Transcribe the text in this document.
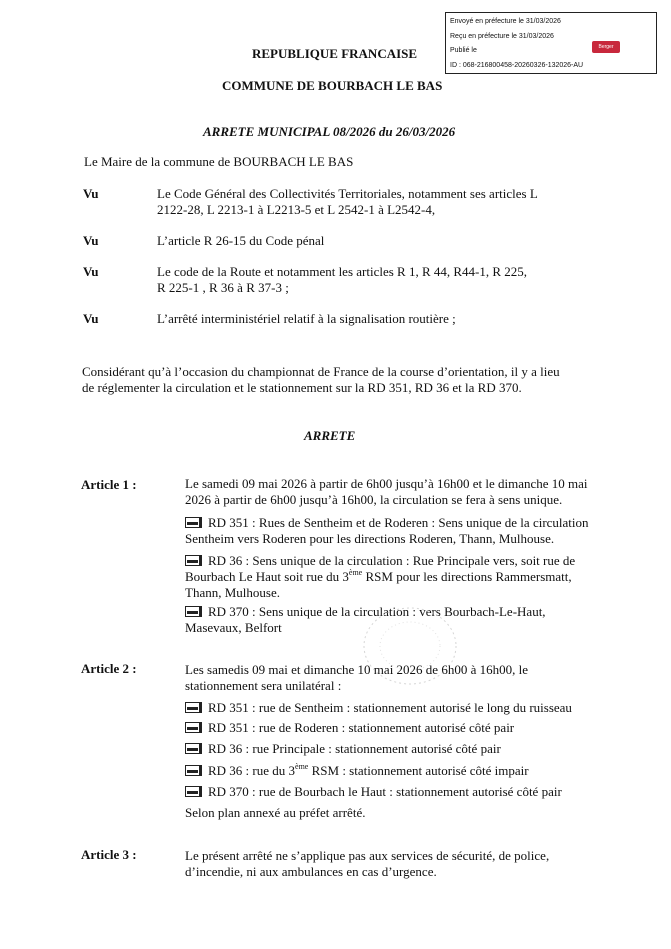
Envoyé en préfecture le 31/03/2026
Reçu en préfecture le 31/03/2026
Publié le
ID : 068-216800458-20260326-132026-AU
Berger Levrault
REPUBLIQUE FRANCAISE
COMMUNE DE BOURBACH LE BAS
ARRETE MUNICIPAL 08/2026 du 26/03/2026
Le Maire de la commune de BOURBACH LE BAS
Vu	Le Code Général des Collectivités Territoriales, notamment ses articles L
2122-28, L 2213-1 à L2213-5 et L 2542-1 à L2542-4,
Vu	L’article R 26-15 du Code pénal
Vu	Le code de la Route et notamment les articles R 1, R 44, R44-1, R 225,
R 225-1 , R 36 à R 37-3 ;
Vu	L’arrêté interministériel relatif à la signalisation routière ;
Considérant qu’à l’occasion du championnat de France de la course d’orientation, il y a lieu
de réglementer la circulation et le stationnement sur la RD 351, RD 36 et la RD 370.
ARRETE
Article 1 :	Le samedi 09 mai 2026 à partir de 6h00 jusqu’à 16h00 et le dimanche 10 mai
2026 à partir de 6h00 jusqu’à 16h00, la circulation se fera à sens unique.
RD 351 : Rues de Sentheim et de Roderen : Sens unique de la circulation
Sentheim vers Roderen pour les directions Roderen, Thann, Mulhouse.
RD 36 : Sens unique de la circulation : Rue Principale vers, soit rue de
Bourbach Le Haut soit rue du 3ème RSM pour les directions Rammersmatt,
Thann, Mulhouse.
RD 370 : Sens unique de la circulation : vers Bourbach-Le-Haut,
Masevaux, Belfort
Article 2 :	Les samedis 09 mai et dimanche 10 mai 2026 de 6h00 à 16h00, le
stationnement sera unilatéral :
RD 351 : rue de Sentheim : stationnement autorisé le long du ruisseau
RD 351 : rue de Roderen : stationnement autorisé côté pair
RD 36 : rue Principale : stationnement autorisé côté pair
RD 36 : rue du 3ème RSM : stationnement autorisé côté impair
RD 370 : rue de Bourbach le Haut : stationnement autorisé côté pair
Selon plan annexé au préfet arrêté.
Article 3 :	Le présent arrêté ne s’applique pas aux services de sécurité, de police,
d’incendie, ni aux ambulances en cas d’urgence.
